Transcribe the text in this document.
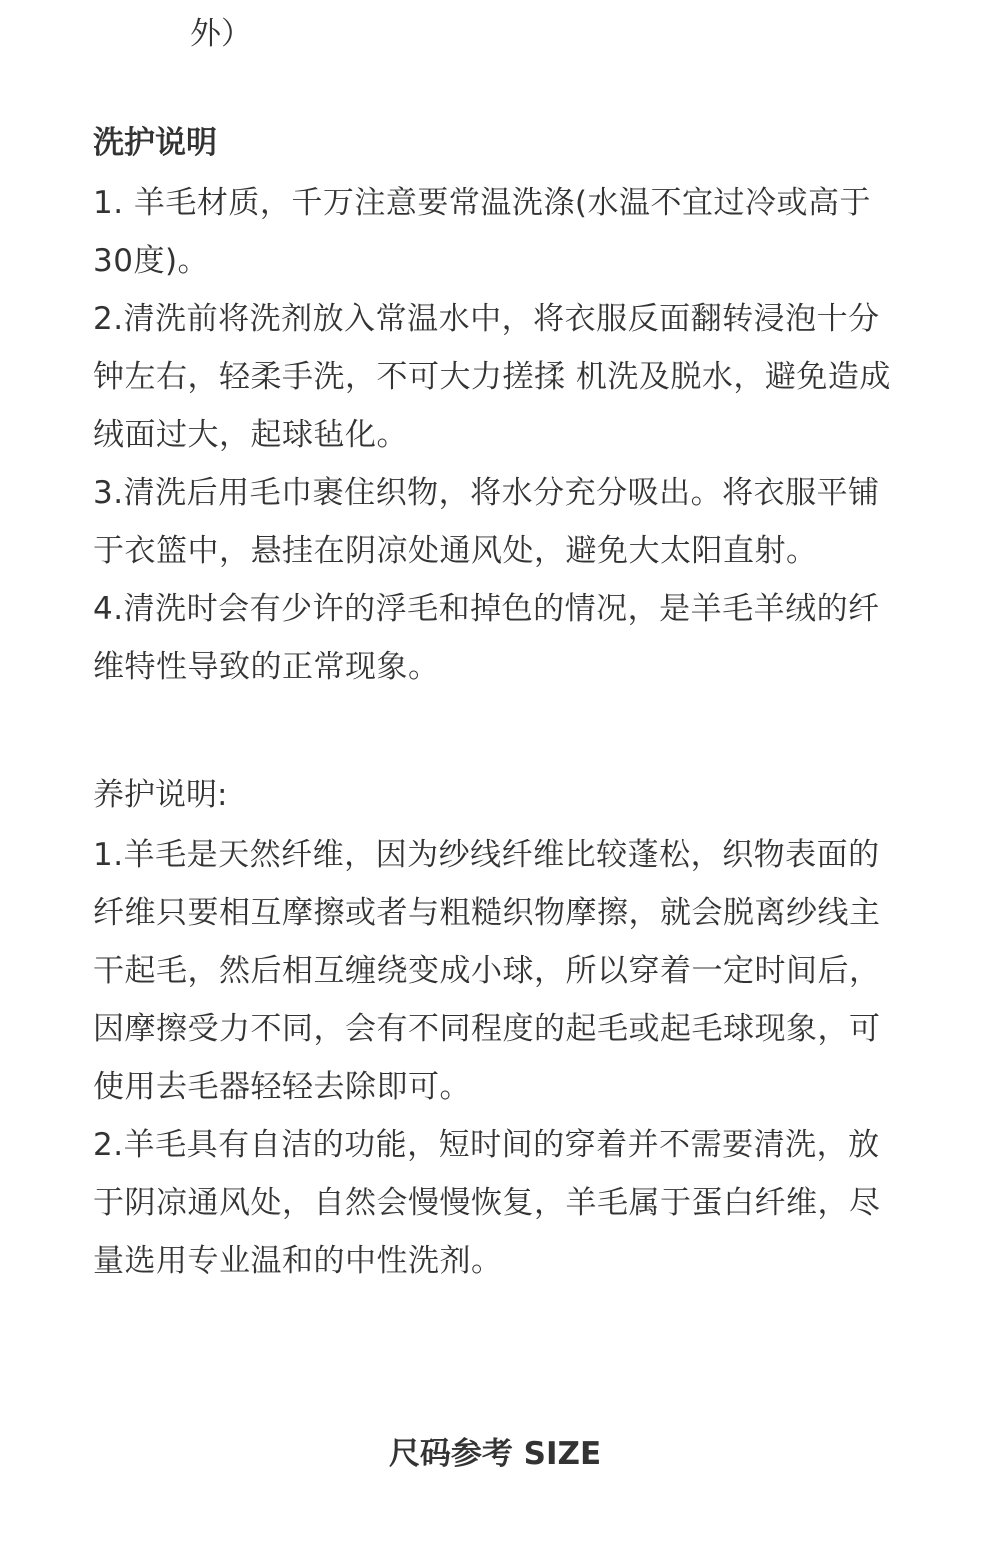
外）

洗护说明

1. 羊毛材质，千万注意要常温洗涤(水温不宜过冷或高于30度)。

2.清洗前将洗剂放入常温水中，将衣服反面翻转浸泡十分钟左右，轻柔手洗，不可大力搓揉 机洗及脱水，避免造成绒面过大，起球毡化。

3.清洗后用毛巾裹住织物，将水分充分吸出。将衣服平铺于衣篮中，悬挂在阴凉处通风处，避免大太阳直射。

4.清洗时会有少许的浮毛和掉色的情况，是羊毛羊绒的纤维特性导致的正常现象。

养护说明:

1.羊毛是天然纤维，因为纱线纤维比较蓬松，织物表面的纤维只要相互摩擦或者与粗糙织物摩擦，就会脱离纱线主干起毛，然后相互缠绕变成小球，所以穿着一定时间后，因摩擦受力不同，会有不同程度的起毛或起毛球现象，可使用去毛器轻轻去除即可。

2.羊毛具有自洁的功能，短时间的穿着并不需要清洗，放于阴凉通风处，自然会慢慢恢复，羊毛属于蛋白纤维，尽量选用专业温和的中性洗剂。

尺码参考 SIZE
